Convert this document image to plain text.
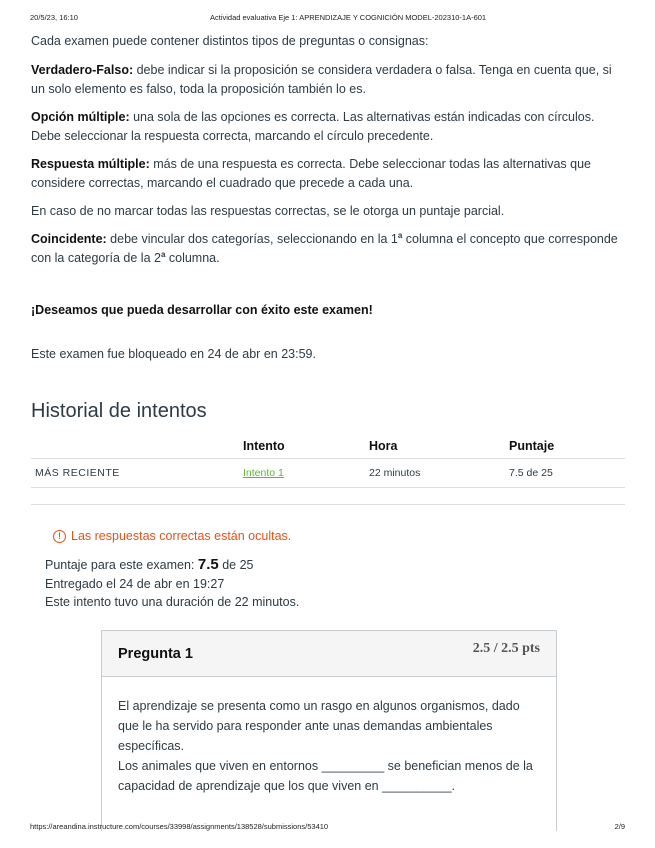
20/5/23, 16:10	Actividad evaluativa Eje 1: APRENDIZAJE Y COGNICIÓN MODEL-202310-1A-601

Cada examen puede contener distintos tipos de preguntas o consignas:

Verdadero-Falso: debe indicar si la proposición se considera verdadera o falsa. Tenga en cuenta que, si un solo elemento es falso, toda la proposición también lo es.

Opción múltiple: una sola de las opciones es correcta. Las alternativas están indicadas con círculos. Debe seleccionar la respuesta correcta, marcando el círculo precedente.

Respuesta múltiple: más de una respuesta es correcta. Debe seleccionar todas las alternativas que considere correctas, marcando el cuadrado que precede a cada una.

En caso de no marcar todas las respuestas correctas, se le otorga un puntaje parcial.

Coincidente: debe vincular dos categorías, seleccionando en la 1$^a$ columna el concepto que corresponde con la categoría de la 2$^a$ columna.

¡Deseamos que pueda desarrollar con éxito este examen!

Este examen fue bloqueado en 24 de abr en 23:59.

Historial de intentos
	Intento	Hora	Puntaje
MÁS RECIENTE	Intento 1	22 minutos	7.5 de 25
! Las respuestas correctas están ocultas.

Puntaje para este examen: 7.5 de 25

Entregado el 24 de abr en 19:27

Este intento tuvo una duración de 22 minutos.

Pregunta 1	2.5 / 2.5 pts

El aprendizaje se presenta como un rasgo en algunos organismos, dado que le ha servido para responder ante unas demandas ambientales específicas.

Los animales que viven en entornos _________ se benefician menos de la capacidad de aprendizaje que los que viven en __________.

https://areandina.instructure.com/courses/33998/assignments/138528/submissions/53410	2/9
